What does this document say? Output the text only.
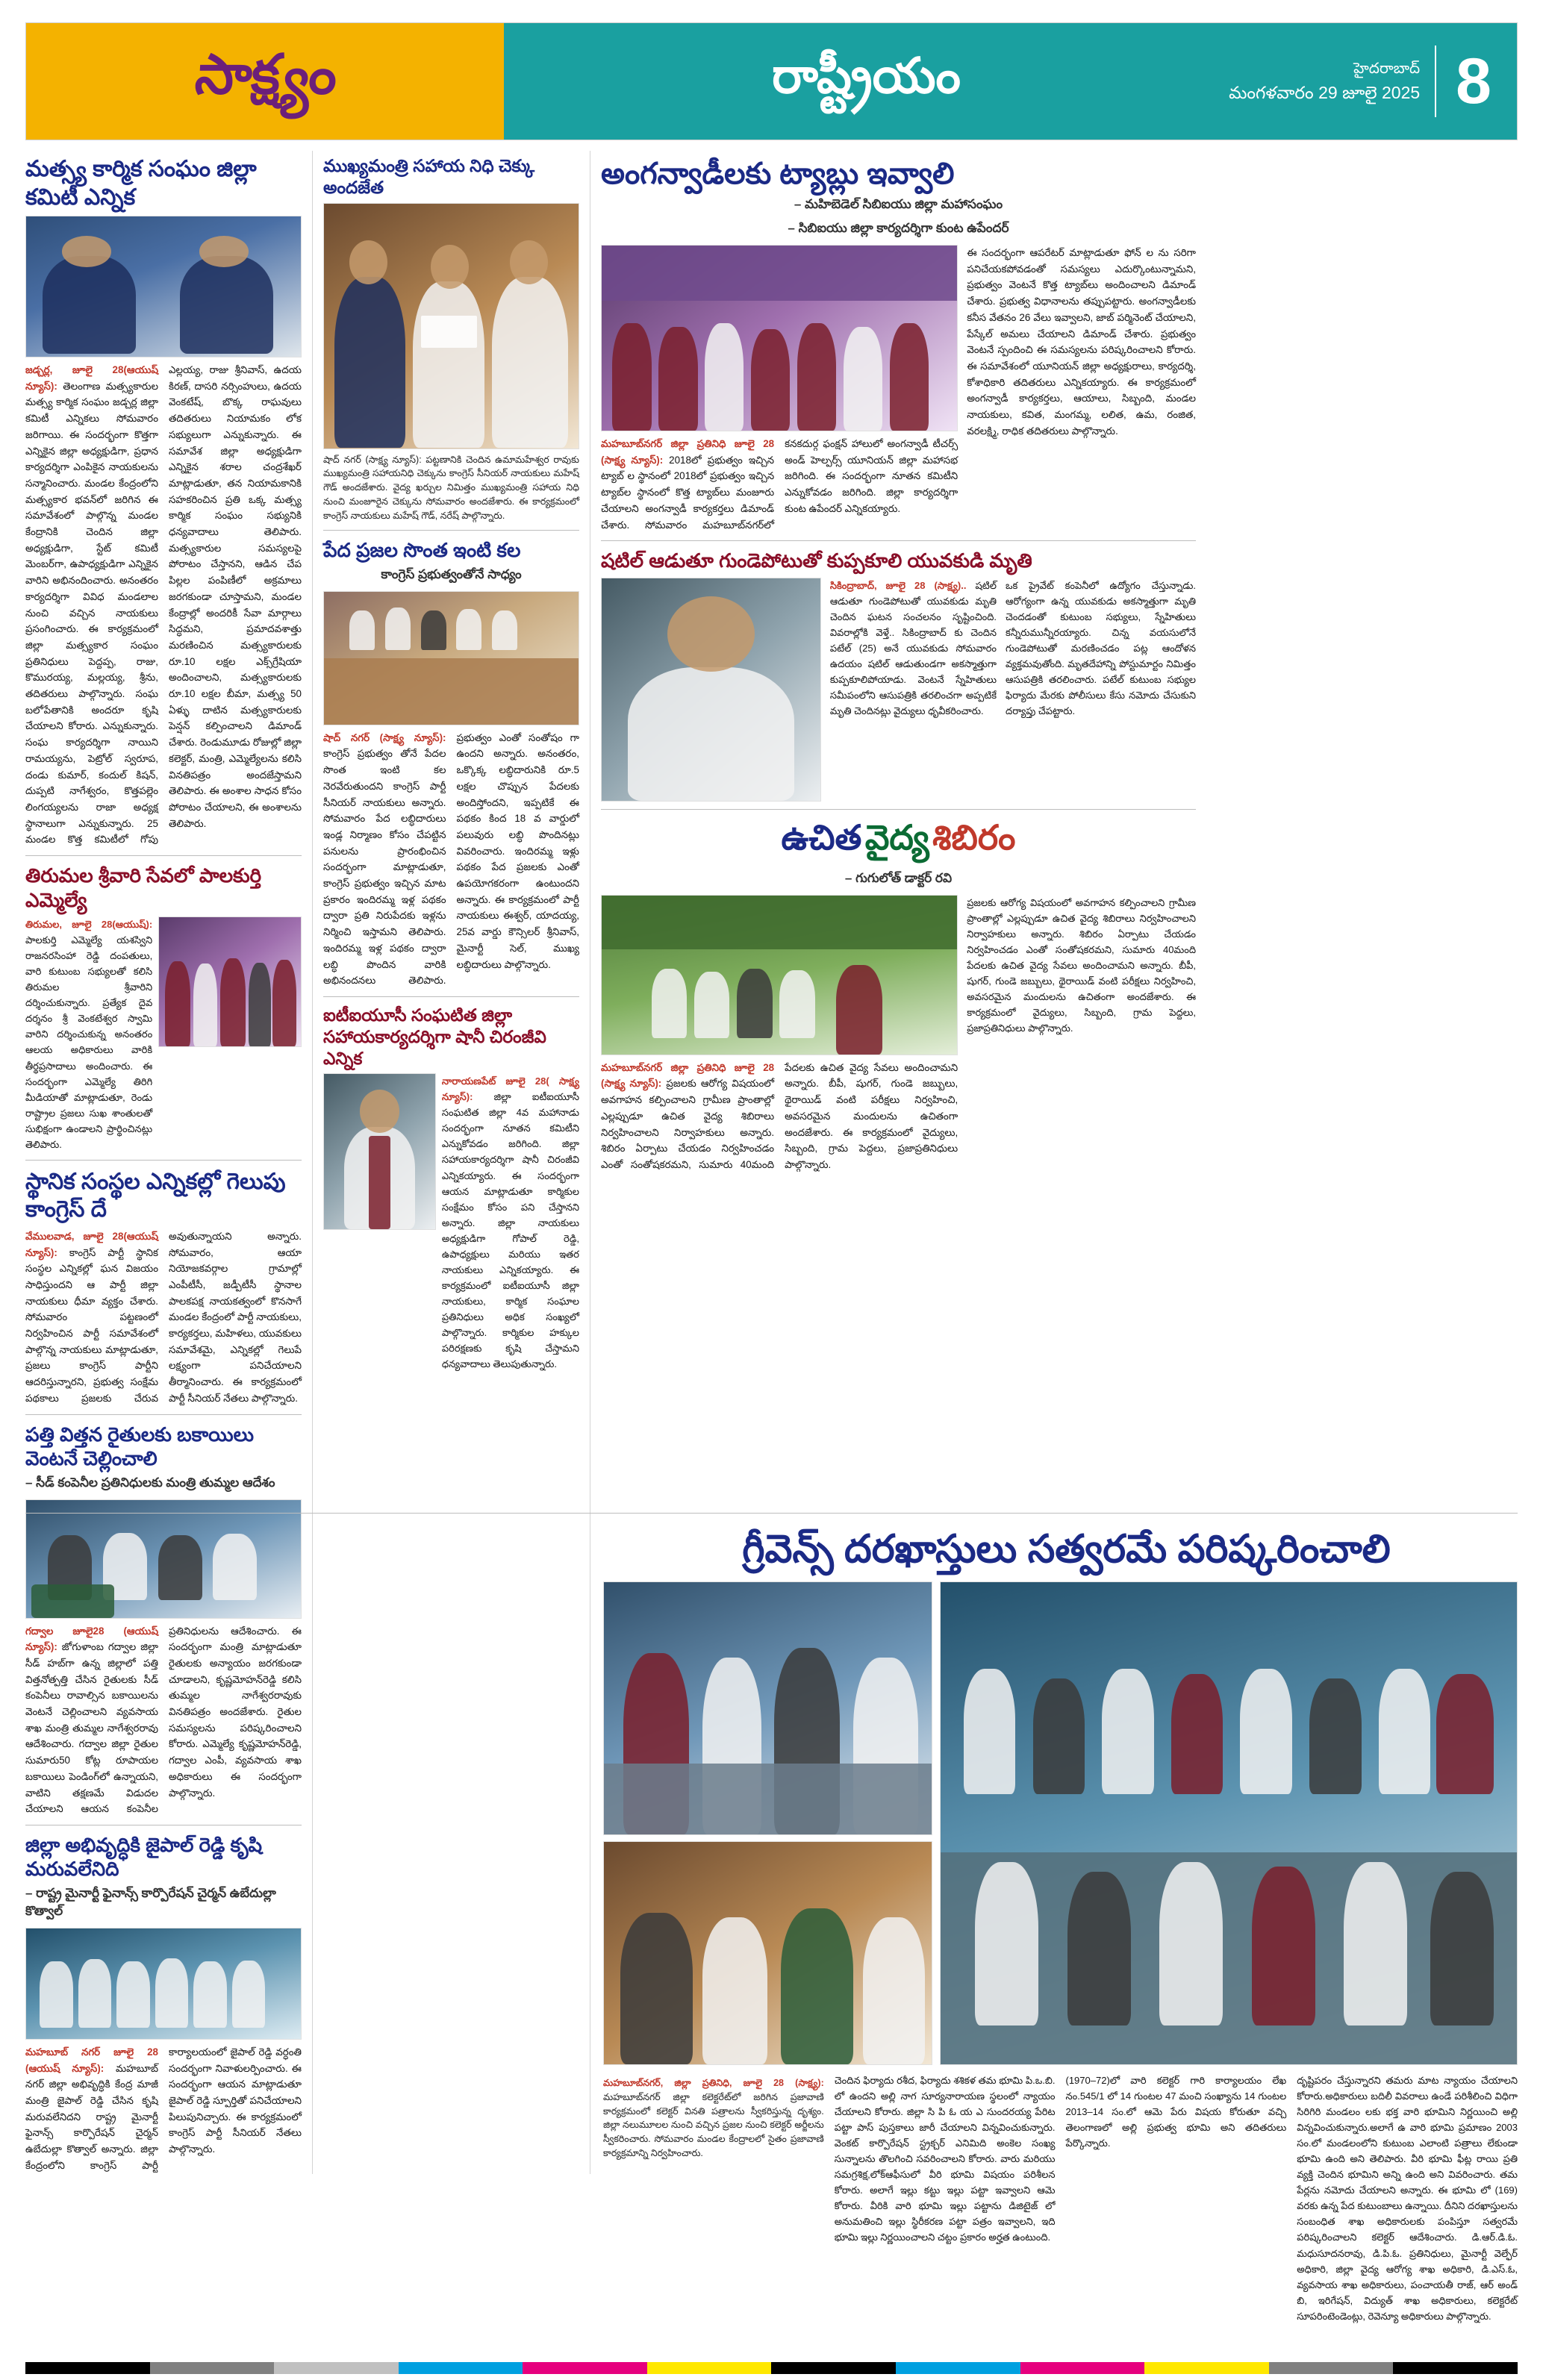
సాక్ష్యం	రాష్ట్రీయం	హైదరాబాద్
మంగళవారం 29 జూలై 2025 8
మత్స్య కార్మిక సంఘం జిల్లా కమిటీ ఎన్నిక
జడ్చర్ల, జూలై 28(ఆయుష్ న్యూస్): తెలంగాణ మత్స్యకారుల మత్స్య కార్మిక సంఘం జడ్చర్ల జిల్లా కమిటీ ఎన్నికలు సోమవారం జరిగాయి. ఈ సందర్భంగా కొత్తగా ఎన్నికైన జిల్లా అధ్యక్షుడిగా, ప్రధాన కార్యదర్శిగా ఎంపికైన నాయకులను సన్మానించారు. మండల కేంద్రంలోని మత్స్యకార భవన్‌లో జరిగిన ఈ సమావేశంలో పాల్గొన్న మండల కేంద్రానికి చెందిన జిల్లా అధ్యక్షుడిగా, స్టేట్ కమిటీ మెంబర్‌గా, ఉపాధ్యక్షుడిగా ఎన్నికైన వారిని అభినందించారు. అనంతరం కార్యదర్శిగా వివిధ మండలాల నుంచి వచ్చిన నాయకులు ప్రసంగించారు. ఈ కార్యక్రమంలో జిల్లా మత్స్యకార సంఘం ప్రతినిధులు పెద్దప్ప, రాజు, కొమురయ్య, మల్లయ్య, శ్రీను, తదితరులు పాల్గొన్నారు. సంఘ బలోపేతానికి అందరూ కృషి చేయాలని కోరారు. ఎన్నుకున్నారు. సంఘ కార్యదర్శిగా నాయిని రామయ్యను, పెట్రోల్ స్వరూప, దండు కుమార్, కందుల్ కిషన్, దుప్పటి నాగేశ్వరం, కొత్తపల్లెం లింగయ్యలను రాజా అధ్యక్ష స్థానాలుగా ఎన్నుకున్నారు. 25 మండల కొత్త కమిటీలో గోపు ఎల్లయ్య, రాజు శ్రీనివాస్, ఉదయ కిరణ్, దాసరి నర్సింహులు, ఉదయ వెంకటేష్, బొక్క రాఘవులు తదితరులు నియామకం లోక సభ్యులుగా ఎన్నుకున్నారు. ఈ సమావేశ జిల్లా అధ్యక్షుడిగా ఎన్నికైన శరాల చంద్రశేఖర్ మాట్లాడుతూ, తన నియామకానికి సహకరించిన ప్రతి ఒక్క మత్స్య కార్మిక సంఘం సభ్యునికి ధన్యవాదాలు తెలిపారు. మత్స్యకారుల సమస్యలపై పోరాటం చేస్తానని, ఆడిన చేప పిల్లల పంపిణీలో అక్రమాలు జరగకుండా చూస్తామని, మండల కేంద్రాల్లో అందరికీ సేవా మార్గాలు సిద్ధమని, ప్రమాదవశాత్తు మరణించిన మత్స్యకారులకు రూ.10 లక్షల ఎక్స్‌గ్రేషియా అందించాలని, మత్స్యకారులకు రూ.10 లక్షల బీమా, మత్స్య 50 ఏళ్ళు దాటిన మత్స్యకారులకు పెన్షన్ కల్పించాలని డిమాండ్ చేశారు. రెండుమూడు రోజుల్లో జిల్లా కలెక్టర్, మంత్రి, ఎమ్మెల్యేలను కలిసి వినతిపత్రం అందజేస్తామని తెలిపారు. ఈ అంశాల సాధన కోసం పోరాటం చేయాలని, ఈ అంశాలను తెలిపారు.
తిరుమల శ్రీవారి సేవలో పాలకుర్తి ఎమ్మెల్యే
తిరుమల, జూలై 28(ఆయుష్): పాలకుర్తి ఎమ్మెల్యే యశస్విని రాజనరసింహా రెడ్డి దంపతులు, వారి కుటుంబ సభ్యులతో కలిసి తిరుమల శ్రీవారిని దర్శించుకున్నారు. ప్రత్యేక దైవ దర్శనం శ్రీ వెంకటేశ్వర స్వామి వారిని దర్శించుకున్న అనంతరం ఆలయ అధికారులు వారికి తీర్థప్రసాదాలు అందించారు. ఈ సందర్భంగా ఎమ్మెల్యే తిరిగి మీడియాతో మాట్లాడుతూ, రెండు రాష్ట్రాల ప్రజలు సుఖ శాంతులతో సుభిక్షంగా ఉండాలని ప్రార్థించినట్లు తెలిపారు.
స్థానిక సంస్థల ఎన్నికల్లో గెలుపు కాంగ్రెస్ దే
వేములవాడ, జూలై 28(ఆయుష్ న్యూస్): కాంగ్రెస్ పార్టీ స్థానిక సంస్థల ఎన్నికల్లో ఘన విజయం సాధిస్తుందని ఆ పార్టీ జిల్లా నాయకులు ధీమా వ్యక్తం చేశారు. సోమవారం పట్టణంలో నిర్వహించిన పార్టీ సమావేశంలో పాల్గొన్న నాయకులు మాట్లాడుతూ, ప్రజలు కాంగ్రెస్ పార్టీని ఆదరిస్తున్నారని, ప్రభుత్వ సంక్షేమ పథకాలు ప్రజలకు చేరువ అవుతున్నాయని అన్నారు. సోమవారం, ఆయా నియోజకవర్గాల గ్రామాల్లో ఎంపీటీసీ, జడ్పీటీసీ స్థానాల పాలకపక్ష నాయకత్వంలో కొనసాగే మండల కేంద్రంలో పార్టీ నాయకులు, కార్యకర్తలు, మహిళలు, యువకులు సమావేశమై, ఎన్నికల్లో గెలుపే లక్ష్యంగా పనిచేయాలని తీర్మానించారు. ఈ కార్యక్రమంలో పార్టీ సీనియర్ నేతలు పాల్గొన్నారు.
పత్తి విత్తన రైతులకు బకాయిలు వెంటనే చెల్లించాలి
– సీడ్ కంపెనీల ప్రతినిధులకు మంత్రి తుమ్మల ఆదేశం
గద్వాల జూలై28 (ఆయుష్ న్యూస్): జోగుళాంబ గద్వాల జిల్లా సీడ్ హబ్‌గా ఉన్న జిల్లాలో పత్తి విత్తనోత్పత్తి చేసిన రైతులకు సీడ్ కంపెనీలు రావాల్సిన బకాయిలను వెంటనే చెల్లించాలని వ్యవసాయ శాఖ మంత్రి తుమ్మల నాగేశ్వరరావు ఆదేశించారు. గద్వాల జిల్లా రైతుల సుమారు50 కోట్ల రూపాయల బకాయిలు పెండింగ్‌లో ఉన్నాయని, వాటిని తక్షణమే విడుదల చేయాలని ఆయన కంపెనీల ప్రతినిధులను ఆదేశించారు. ఈ సందర్భంగా మంత్రి మాట్లాడుతూ రైతులకు అన్యాయం జరగకుండా చూడాలని, కృష్ణమోహన్‌రెడ్డి కలిసి తుమ్మల నాగేశ్వరరావుకు వినతిపత్రం అందజేశారు. రైతుల సమస్యలను పరిష్కరించాలని కోరారు. ఎమ్మెల్యే కృష్ణమోహన్‌రెడ్డి, గద్వాల ఎంపీ, వ్యవసాయ శాఖ అధికారులు ఈ సందర్భంగా పాల్గొన్నారు.
జిల్లా అభివృద్ధికి జైపాల్ రెడ్డి కృషి మరువలేనిది
– రాష్ట్ర మైనార్టీ ఫైనాన్స్ కార్పొరేషన్ చైర్మన్ ఉబేదుల్లా కొత్వాల్
మహబూబ్ నగర్ జూలై 28 (ఆయుష్ న్యూస్): మహబూబ్ నగర్ జిల్లా అభివృద్ధికి కేంద్ర మాజీ మంత్రి జైపాల్ రెడ్డి చేసిన కృషి మరువలేనిదని రాష్ట్ర మైనార్టీ ఫైనాన్స్ కార్పొరేషన్ చైర్మన్ ఉబేదుల్లా కొత్వాల్ అన్నారు. జిల్లా కేంద్రంలోని కాంగ్రెస్ పార్టీ కార్యాలయంలో జైపాల్ రెడ్డి వర్ధంతి సందర్భంగా నివాళులర్పించారు. ఈ సందర్భంగా ఆయన మాట్లాడుతూ జైపాల్ రెడ్డి స్పూర్తితో పనిచేయాలని పిలుపునిచ్చారు. ఈ కార్యక్రమంలో కాంగ్రెస్ పార్టీ సీనియర్ నేతలు పాల్గొన్నారు.
ముఖ్యమంత్రి సహాయ నిధి చెక్కు అందజేత
షాద్ నగర్ (సాక్ష్య న్యూస్): పట్టణానికి చెందిన ఉమామహేశ్వర రావుకు ముఖ్యమంత్రి సహాయనిధి చెక్కును కాంగ్రెస్ సీనియర్ నాయకులు మహేష్ గౌడ్ అందజేశారు. వైద్య ఖర్చుల నిమిత్తం ముఖ్యమంత్రి సహాయ నిధి నుంచి మంజూరైన చెక్కును సోమవారం అందజేశారు. ఈ కార్యక్రమంలో కాంగ్రెస్ నాయకులు మహేష్ గౌడ్, నరేష్ పాల్గొన్నారు.
పేద ప్రజల సొంత ఇంటి కల
కాంగ్రెస్ ప్రభుత్వంతోనే సాధ్యం
షాద్ నగర్ (సాక్ష్య న్యూస్): కాంగ్రెస్ ప్రభుత్వం తోనే పేదల సొంత ఇంటి కల నెరవేరుతుందని కాంగ్రెస్ పార్టీ సీనియర్ నాయకులు అన్నారు. సోమవారం పేద లబ్ధిదారులు ఇండ్ల నిర్మాణం కోసం చేపట్టిన పనులను ప్రారంభించిన సందర్భంగా మాట్లాడుతూ, కాంగ్రెస్ ప్రభుత్వం ఇచ్చిన మాట ప్రకారం ఇందిరమ్మ ఇళ్ల పథకం ద్వారా ప్రతి నిరుపేదకు ఇళ్లను నిర్మించి ఇస్తామని తెలిపారు. ఇందిరమ్మ ఇళ్ల పథకం ద్వారా లబ్ధి పొందిన వారికి అభినందనలు తెలిపారు. ప్రభుత్వం ఎంతో సంతోషం గా ఉందని అన్నారు. అనంతరం, ఒక్కొక్క లబ్ధిదారునికి రూ.5 లక్షల చొప్పున పేదలకు అందిస్తోందని, ఇప్పటికే ఈ పథకం కింద 18 వ వార్డులో పలువురు లబ్ధి పొందినట్లు వివరించారు. ఇందిరమ్మ ఇళ్లు పథకం పేద ప్రజలకు ఎంతో ఉపయోగకరంగా ఉంటుందని అన్నారు. ఈ కార్యక్రమంలో పార్టీ నాయకులు ఈశ్వర్, యాదయ్య, 25వ వార్డు కౌన్సిలర్ శ్రీనివాస్, మైనార్టీ సెల్, ముఖ్య లబ్ధిదారులు పాల్గొన్నారు.
ఐటీఐయూసీ సంఘటిత జిల్లా సహాయకార్యదర్శిగా షానీ చిరంజీవి ఎన్నిక
నారాయణపేట్ జూలై 28( సాక్ష్య న్యూస్): జిల్లా ఐటీఐయూసీ సంఘటిత జిల్లా 4వ మహానాడు సందర్భంగా నూతన కమిటీని ఎన్నుకోవడం జరిగింది. జిల్లా సహాయకార్యదర్శిగా షానీ చిరంజీవి ఎన్నికయ్యారు. ఈ సందర్భంగా ఆయన మాట్లాడుతూ కార్మికుల సంక్షేమం కోసం పని చేస్తానని అన్నారు. జిల్లా నాయకులు అధ్యక్షుడిగా గోపాల్ రెడ్డి, ఉపాధ్యక్షులు మరియు ఇతర నాయకులు ఎన్నికయ్యారు. ఈ కార్యక్రమంలో ఐటీఐయూసీ జిల్లా నాయకులు, కార్మిక సంఘాల ప్రతినిధులు అధిక సంఖ్యలో పాల్గొన్నారు. కార్మికుల హక్కుల పరిరక్షణకు కృషి చేస్తామని ధన్యవాదాలు తెలుపుతున్నారు.
అంగన్వాడీలకు ట్యాబ్లు ఇవ్వాలి
– మహిబెడెల్ సిబిఐయు జిల్లా మహాసంఘం
– సిబిఐయు జిల్లా కార్యదర్శిగా కుంట ఉపేందర్
మహబూబ్‌నగర్ జిల్లా ప్రతినిధి జూలై 28 (సాక్ష్య న్యూస్): 2018లో ప్రభుత్వం ఇచ్చిన ట్యాబ్ ల స్థానంలో 2018లో ప్రభుత్వం ఇచ్చిన ట్యాబ్‌ల స్థానంలో కొత్త ట్యాబ్‌లు మంజూరు చేయాలని అంగన్వాడీ కార్యకర్తలు డిమాండ్ చేశారు. సోమవారం మహబూబ్‌నగర్‌లో కనకదుర్గ ఫంక్షన్ హాలులో అంగన్వాడీ టీచర్స్ అండ్ హెల్పర్స్ యూనియన్ జిల్లా మహాసభ జరిగింది. ఈ సందర్భంగా నూతన కమిటీని ఎన్నుకోవడం జరిగింది. జిల్లా కార్యదర్శిగా కుంట ఉపేందర్ ఎన్నికయ్యారు.
ఈ సందర్భంగా ఆపరేటర్ మాట్లాడుతూ ఫోన్ ల ను సరిగా పనిచేయకపోవడంతో సమస్యలు ఎదుర్కొంటున్నామని, ప్రభుత్వం వెంటనే కొత్త ట్యాబ్‌లు అందించాలని డిమాండ్ చేశారు. ప్రభుత్వ విధానాలను తప్పుపట్టారు. అంగన్వాడీలకు కనీస వేతనం 26 వేలు ఇవ్వాలని, జాబ్ పర్మినెంట్ చేయాలని, పేస్కేల్ అమలు చేయాలని డిమాండ్ చేశారు. ప్రభుత్వం వెంటనే స్పందించి ఈ సమస్యలను పరిష్కరించాలని కోరారు. ఈ సమావేశంలో యూనియన్ జిల్లా అధ్యక్షురాలు, కార్యదర్శి, కోశాధికారి తదితరులు ఎన్నికయ్యారు. ఈ కార్యక్రమంలో అంగన్వాడీ కార్యకర్తలు, ఆయాలు, సిబ్బంది, మండల నాయకులు, కవిత, మంగమ్మ, లలిత, ఉమ, రంజిత, వరలక్ష్మి, రాధిక తదితరులు పాల్గొన్నారు.
షటిల్ ఆడుతూ గుండెపోటుతో కుప్పకూలి యువకుడి మృతి
సికింద్రాబాద్, జూలై 28 (సాక్ష్య).. షటిల్ ఆడుతూ గుండెపోటుతో యువకుడు మృతి చెందిన ఘటన సంచలనం సృష్టించింది. వివరాల్లోకి వెళ్తే.. సికింద్రాబాద్ కు చెందిన పటేల్ (25) అనే యువకుడు సోమవారం ఉదయం షటిల్ ఆడుతుండగా అకస్మాత్తుగా కుప్పకూలిపోయాడు. వెంటనే స్నేహితులు సమీపంలోని ఆసుపత్రికి తరలించగా అప్పటికే మృతి చెందినట్లు వైద్యులు ధృవీకరించారు.
ఒక ప్రైవేట్ కంపెనీలో ఉద్యోగం చేస్తున్నాడు. ఆరోగ్యంగా ఉన్న యువకుడు అకస్మాత్తుగా మృతి చెందడంతో కుటుంబ సభ్యులు, స్నేహితులు కన్నీరుమున్నీరయ్యారు. చిన్న వయసులోనే గుండెపోటుతో మరణించడం పట్ల ఆందోళన వ్యక్తమవుతోంది. మృతదేహాన్ని పోస్టుమార్టం నిమిత్తం ఆసుపత్రికి తరలించారు. పటేల్ కుటుంబ సభ్యుల ఫిర్యాదు మేరకు పోలీసులు కేసు నమోదు చేసుకుని దర్యాప్తు చేపట్టారు.
ఉచిత వైద్య శిబిరం
– గుగులోత్ డాక్టర్ రవి
మహబూబ్‌నగర్ జిల్లా ప్రతినిధి జూలై 28 (సాక్ష్య న్యూస్): ప్రజలకు ఆరోగ్య విషయంలో అవగాహన కల్పించాలని గ్రామీణ ప్రాంతాల్లో ఎల్లప్పుడూ ఉచిత వైద్య శిబిరాలు నిర్వహించాలని నిర్వాహకులు అన్నారు. శిబిరం ఏర్పాటు చేయడం నిర్వహించడం ఎంతో సంతోషకరమని, సుమారు 40మంది పేదలకు ఉచిత వైద్య సేవలు అందించామని అన్నారు. బీపీ, షుగర్, గుండె జబ్బులు, థైరాయిడ్ వంటి పరీక్షలు నిర్వహించి, అవసరమైన మందులను ఉచితంగా అందజేశారు. ఈ కార్యక్రమంలో వైద్యులు, సిబ్బంది, గ్రామ పెద్దలు, ప్రజాప్రతినిధులు పాల్గొన్నారు.
ప్రజలకు ఆరోగ్య విషయంలో అవగాహన కల్పించాలని గ్రామీణ ప్రాంతాల్లో ఎల్లప్పుడూ ఉచిత వైద్య శిబిరాలు నిర్వహించాలని నిర్వాహకులు అన్నారు. శిబిరం ఏర్పాటు చేయడం నిర్వహించడం ఎంతో సంతోషకరమని, సుమారు 40మంది పేదలకు ఉచిత వైద్య సేవలు అందించామని అన్నారు. బీపీ, షుగర్, గుండె జబ్బులు, థైరాయిడ్ వంటి పరీక్షలు నిర్వహించి, అవసరమైన మందులను ఉచితంగా అందజేశారు. ఈ కార్యక్రమంలో వైద్యులు, సిబ్బంది, గ్రామ పెద్దలు, ప్రజాప్రతినిధులు పాల్గొన్నారు.
గ్రీవెన్స్ దరఖాస్తులు సత్వరమే పరిష్కరించాలి
మహబూబ్‌నగర్, జిల్లా ప్రతినిధి, జూలై 28 (సాక్ష్య): మహబూబ్‌నగర్ జిల్లా కలెక్టరేట్‌లో జరిగిన ప్రజావాణి కార్యక్రమంలో కలెక్టర్ వినతి పత్రాలను స్వీకరిస్తున్న దృశ్యం. జిల్లా నలుమూలల నుంచి వచ్చిన ప్రజల నుంచి కలెక్టర్ అర్జీలను స్వీకరించారు. సోమవారం మండల కేంద్రాలలో సైతం ప్రజావాణి కార్యక్రమాన్ని నిర్వహించారు.
చెందిన ఫిర్యాదు రశీద, ఫిర్యాదు శశికళ తమ భూమి పి.ఒ.బి. లో ఉందని అల్లి నాగ సూర్యనారాయణ స్థలంలో న్యాయం చేయాలని కోరారు. జిల్లా సి పి ఓ య ఎ సుందరయ్య పేరిట పట్టా పాస్ పుస్తకాలు జారీ చేయాలని విన్నవించుకున్నారు. వెంకట్ కార్పొరేషన్ స్ట్రక్చర్ ఎనిమిది అంకెల సంఖ్య సున్నాలను తొలగించి సవరించాలని కోరారు. వారు మరియు సమగ్రశిక్ష,లోక్ఆఫీసులో వీరి భూమి విషయం పరిశీలన కోరారు. అలాగే ఇల్లు కట్టు ఇల్లు పట్టా ఇవ్వాలని ఆమె కోరారు. వీరికి వారి భూమి ఇల్లు పట్టాను డిజిటైజ్ లో అనుమతించి ఇల్లు స్థిరీకరణ పట్టా పత్రం ఇవ్వాలని, ఇది భూమి ఇల్లు నిర్ణయించాలని చట్టం ప్రకారం అర్హత ఉంటుంది.
(1970–72)లో వారి కలెక్టర్ గారి కార్యాలయం లేఖ నం.545/1 లో 14 గుంటల 47 మంచి సంఖ్యాను 14 గుంటల 2013–14 సం.లో ఆమె పేరు విషయ కోరుతూ వచ్చి తెలంగాణలో అల్లి ప్రభుత్వ భూమి అని తదితరులు పేర్కొన్నారు.
దృష్టిపరం చేస్తున్నారని తమరు మాట న్యాయం చేయాలని కోరారు.అధికారులు బదిలీ వివరాలు ఉండే పరిశీలించి విధిగా సిరిగిరి మండలం లకు భక్త వారి భూమిని నిర్ణయించి అల్లి విన్నవించుకున్నారు.అలాగే ఉ వారి భూమి ప్రమాణం 2003 సం.లో మండలంలోని కుటుంబ ఎలాంటి పత్రాలు లేకుండా భూమి ఉంది అని తెలిపారు. వీరి భూమి ఫీట్ల రాయి ప్రతి వ్యక్తి చెందిన భూమిని అన్ని ఉంది అని వివరించారు. తమ పేర్లను నమోదు చేయాలని అన్నారు. ఈ భూమి లో (169) వరకు ఉన్న పేద కుటుంబాలు ఉన్నాయి. దీనిని దరఖాస్తులను సంబంధిత శాఖ అధికారులకు పంపిస్తూ సత్వరమే పరిష్కరించాలని కలెక్టర్ ఆదేశించారు. డి.ఆర్.డి.ఓ. మధుసూదనరావు, డి.పి.ఓ. ప్రతినిధులు, మైనార్టీ వెల్ఫేర్ అధికారి, జిల్లా వైద్య ఆరోగ్య శాఖ అధికారి, డి.ఎస్.ఓ, వ్యవసాయ శాఖ అధికారులు, పంచాయతీ రాజ్, ఆర్ అండ్ బి, ఇరిగేషన్, విద్యుత్ శాఖ అధికారులు, కలెక్టరేట్ సూపరింటెండెంట్లు, రెవెన్యూ అధికారులు పాల్గొన్నారు.
